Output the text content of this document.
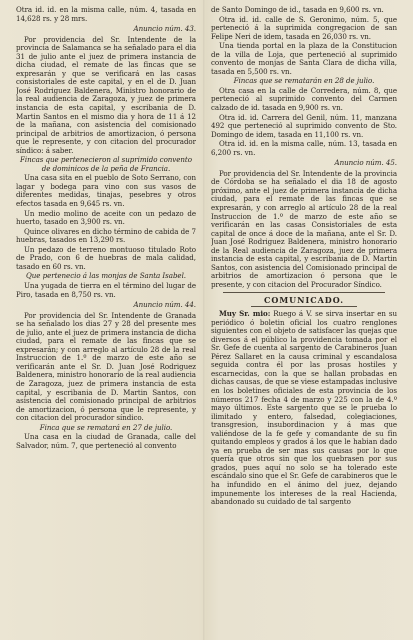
Otra id. id. en la misma calle, núm. 4, tasada en 14,628 rs. y 28 mrs.

Anuncio núm. 43.

Por providencia del Sr. Intendente de la provincia de Salamanca se ha señalado para el dia 31 de julio ante el juez de primera instancia de dicha ciudad, el remate de las fincas que se expresarán y que se verificará en las casas consistoriales de este capital, y en el de D. Juan José Rodriguez Baldenera, Ministro honorario de la real audiencia de Zaragoza, y juez de primera instancia de esta capital, y escribania de D. Martin Santos en el mismo dia y hora de 11 á 12 de la mañana, con asistencia del comisionado principal de arbitrios de amortizacion, ó persona que le represente, y con citacion del procurador síndico: á saber.

Fincas que pertenecieron al suprimido convento de dominicos de la peña de Francia.

Una casa sita en el pueblo de Soto Serrano, con lagar y bodega para vino con sus vasos de diferentes medidas, tinajas, pesebres y otros efectos tasada en 9,645 rs. vn.

Un medio molino de aceite con un pedazo de huerto, tasado en 3,900 rs. vn.

Quince olivares en dicho término de cabida de 7 huebras, tasados en 13,290 rs.

Un pedazo de terreno montuoso titulado Roto de Prado, con 6 de huebras de mala calidad, tasado en 60 rs. vn.

Que pertenecio á las monjas de Santa Isabel.

Una yugada de tierra en el término del lugar de Piro, tasada en 8,750 rs. vn.

Anuncio núm. 44.

Por providencia del Sr. Intendente de Granada se ha señalado los dias 27 y 28 del presente mes de julio, ante el juez de primera instancia de dicha ciudad, para el remate de las fincas que se expresarán; y con arreglo al artículo 28 de la real Instruccion de 1.º de marzo de este año se verificarán ante el Sr. D. Juan José Rodriguez Baldenera, ministro honorario de la real audiencia de Zaragoza, juez de primera instancia de esta capital, y escribania de D. Martin Santos, con asistencia del comisionado principal de arbitrios de amortizacion, ó persona que le represente, y con citacion del procurador síndico.

Finca que se rematará en 27 de julio.

Una casa en la ciudad de Granada, calle del Salvador, núm. 7, que perteneció al convento

de Santo Domingo de id., tasada en 9,600 rs. vn.

Otra id. id. calle de S. Geronimo, núm. 5, que perteneció á la suprimida congregacion de san Felipe Neri de idem, tasada en 26,030 rs. vn.

Una tienda portal en la plaza de la Constitucion de la villa de Loja, que perteneció al suprimido convento de monjas de Santa Clara de dicha villa, tasada en 5,500 rs. vn.

Fincas que se rematarán en 28 de julio.

Otra casa en la calle de Corredera, núm. 8, que perteneció al suprimido convento del Carmen calzado de id. tasada en 9,900 rs. vn.

Otra id. id. Carrera del Genil, núm. 11, manzana 492 que perteneció al suprimido convento de Sto. Domingo de idem, tasada en 11,100 rs. vn.

Otra id. id. en la misma calle, núm. 13, tasada en 6,200 rs. vn.

Anuncio núm. 45.

Por providencia del Sr. Intendente de la provincia de Córdoba se ha señalado el dia 18 de agosto próximo, ante el juez de primera instancia de dicha ciudad, para el remate de las fincas que se expresarán, y con arreglo al artículo 28 de la real Instruccion de 1.º de marzo de este año se verificarán en las casas Consistoriales de esta capital de once á doce de la mañana, ante el Sr. D. Juan José Rodriguez Baldenera, ministro honorario de la Real audiencia de Zaragoza, juez de primera instancia de esta capital, y escribania de D. Martin Santos, con asistencia del Comisionado principal de arbitrios de amortizacion ó persona que le presente, y con citacion del Procurador Síndico.

COMUNICADO.

Muy Sr. mio: Ruego á V. se sirva insertar en su periódico ó boletin oficial los cuatro renglones siguientes con el objeto de satisfacer las quejas que diversos á el público la providencia tomada por el Sr. Gefe de cuenta al sargento de Carabineros Juan Pérez Sallaret en la causa criminal y escandalosa seguida contra él por las prosas hostiles y escarnecidas, con la que se hallan probadas en dichas causas, de que se viese estampadas inclusive en los boletines oficiales de esta provincia de los números 217 fecha 4 de marzo y 225 con la de 4.º mayo últimos. Este sargento que se le prueba lo ilimitado y entero, falsedad, colegiaciones, transgresion, insubordinacion y á mas que valiéndose de la fe gefe y comandante de su fin quitando empleos y grados á los que le habian dado ya en prueba de ser mas sus causas por lo que quería que otros sin que los quebrasen por sus grados, pues aquí no solo se ha tolerado este escándalo sino que el Sr. Gefe de carabineros que le ha infundido en el ánimo del juez, dejando impunemente los intereses de la real Hacienda, abandonado su cuidado de tal sargento
